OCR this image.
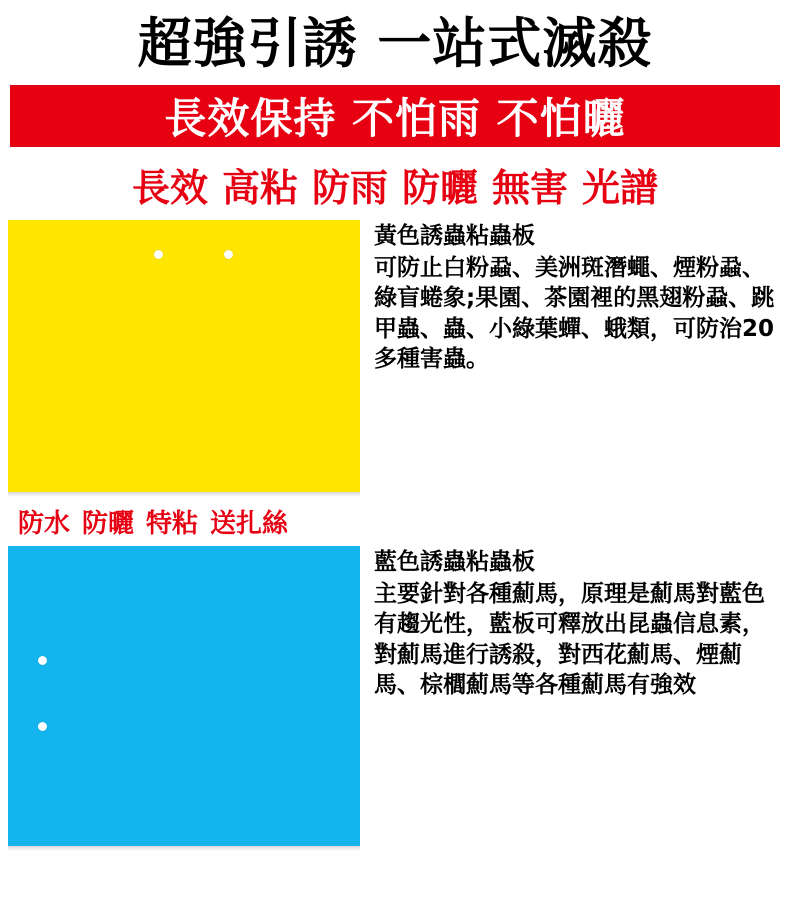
超強引誘 一站式滅殺
長效保持 不怕雨 不怕曬
長效 高粘 防雨 防曬 無害 光譜
黃色誘蟲粘蟲板
可防止白粉蝨、美洲斑潛蠅、煙粉蝨、綠盲蜷象;果園、茶園裡的黑翅粉蝨、跳甲蟲、蟲、小綠葉蟬、蛾類，可防治20多種害蟲。
防水 防曬 特粘 送扎絲
藍色誘蟲粘蟲板
主要針對各種薊馬，原理是薊馬對藍色有趨光性，藍板可釋放出昆蟲信息素，對薊馬進行誘殺，對西花薊馬、煙薊馬、棕櫚薊馬等各種薊馬有強效
